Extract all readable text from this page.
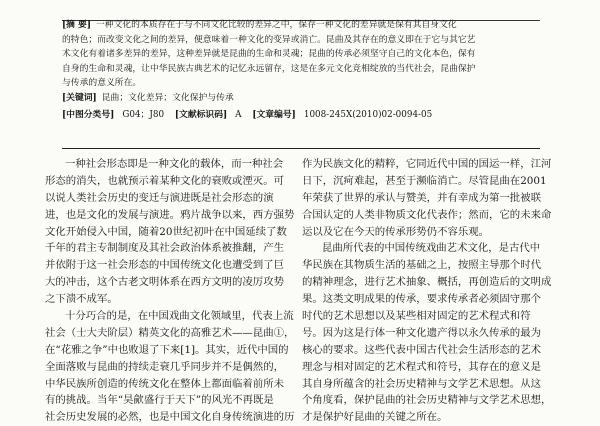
[摘 要] 一种文化的本质存在于与不同文化比较的差异之中，保存一种文化的差异就是保有其自身文化
的特色；而改变文化之间的差异，便意味着一种文化的变异或消亡。昆曲及其存在的意义即在于它与其它艺
术文化有着诸多差异的差异，这种差异就是昆曲的生命和灵魂；昆曲的传承必须坚守自己的文化本色，保有
自身的生命和灵魂，让中华民族古典艺术的记忆永远留存，这是在多元文化竞相绽放的当代社会，昆曲保护
与传承的意义所在。
[关键词] 昆曲；文化差异；文化保护与传承
[中图分类号] G04；J80 [文献标识码] A [文章编号] 1008-245X(2010)02-0094-05

一种社会形态即是一种文化的载体，而一种社会

形态的消失，也就预示着某种文化的衰败或湮灭。可

以说人类社会历史的变迁与演进既是社会形态的演

进，也是文化的发展与演进。鸦片战争以来，西方强势

文化开始侵入中国，随着20世纪初叶在中国延续了数

千年的君主专制制度及其社会政治体系被推翻，产生

并依附于这一社会形态的中国传统文化也遭受到了巨

大的冲击，这个古老文明体系在西方文明的凌厉攻势

之下溃不成军。

十分巧合的是，在中国戏曲文化领域里，代表上流

社会（士大夫阶层）精英文化的高雅艺术——昆曲①，

在“花雅之争”中也败退了下来[1]。其实，近代中国的

全面落败与昆曲的持续走衰几乎同步并不是偶然的，

中华民族所创造的传统文化在整体上都面临着前所未

有的挑战。当年“昊歈盛行于天下”的风光不再既是

社会历史发展的必然，也是中国文化自身传统演进的历

作为民族文化的精粹，它同近代中国的国运一样，江河

日下，沉疴难起，甚至于濒临消亡。尽管昆曲在2001

年荣获了世界的承认与赞美，并有幸成为第一批被联

合国认定的人类非物质文化代表作；然而，它的未来命

运以及它在今天的传承形势仍不容乐观。

昆曲所代表的中国传统戏曲艺术文化，是古代中

华民族在其物质生活的基础之上，按照主导那个时代

的精神理念，进行艺术抽象、概括，再创造后的文明成

果。这类文明成果的传承，要求传承者必须固守那个

时代的艺术思想以及某些相对固定的艺术程式和符

号。因为这是行体一种文化遗产得以永久传承的最为

核心的要求。这些代表中国古代社会生活形态的艺术

理念与相对固定的艺术程式和符号，其存在的意义是

其自身所蕴含的社会历史精神与文学艺术思想。从这

个角度看，保护昆曲的社会历史精神与文学艺术思想，

才是保护好昆曲的关键之所在。
